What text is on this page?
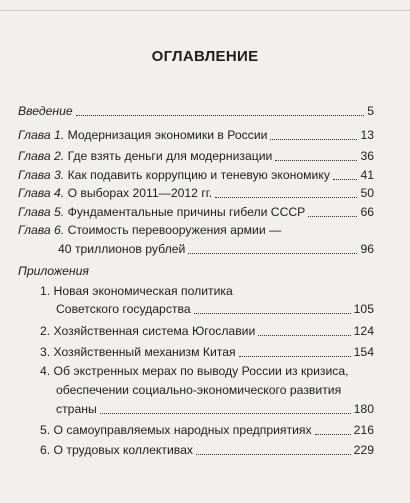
ОГЛАВЛЕНИЕ
Введение	5
Глава 1. Модернизация экономики в России	13
Глава 2. Где взять деньги для модернизации	36
Глава 3. Как подавить коррупцию и теневую экономику	41
Глава 4. О выборах 2011—2012 гг.	50
Глава 5. Фундаментальные причины гибели СССР	66
Глава 6. Стоимость перевооружения армии —
40 триллионов рублей	96
Приложения
1. Новая экономическая политика
Советского государства	105
2. Хозяйственная система Югославии	124
3. Хозяйственный механизм Китая	154
4. Об экстренных мерах по выводу России из кризиса,
обеспечении социально-экономического развития
страны	180
5. О самоуправляемых народных предприятиях	216
6. О трудовых коллективах	229
